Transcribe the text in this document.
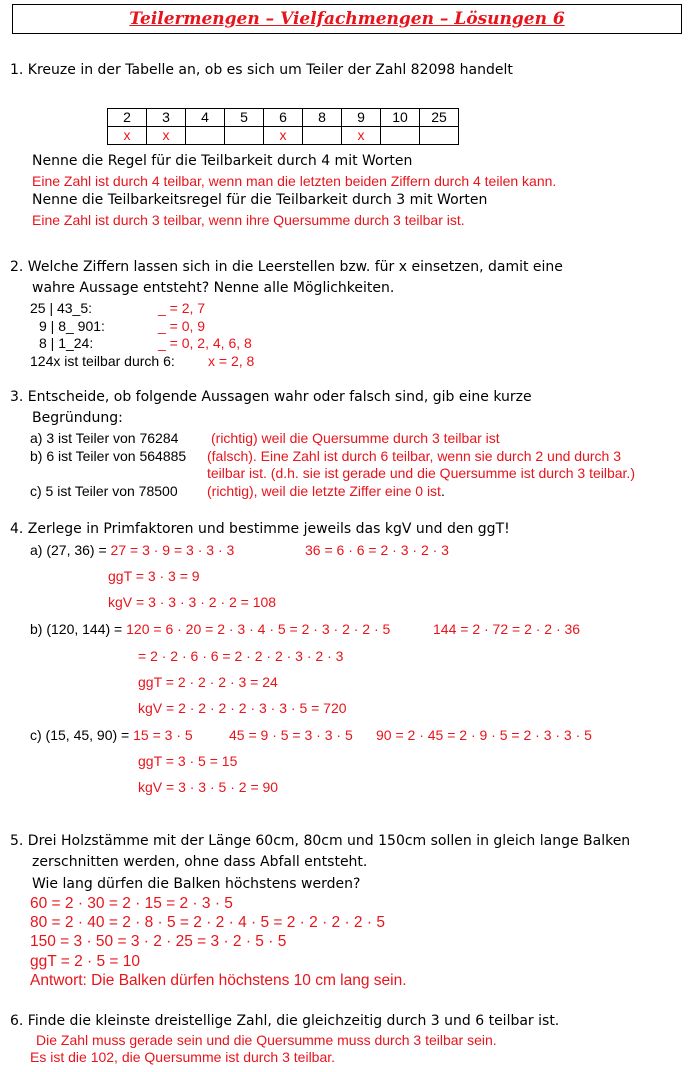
Teilermengen – Vielfachmengen – Lösungen 6
1. Kreuze in der Tabelle an, ob es sich um Teiler der Zahl 82098 handelt
2	3	4	5	6	8	9	10	25
x	x			x		x		
Nenne die Regel für die Teilbarkeit durch 4 mit Worten
Eine Zahl ist durch 4 teilbar, wenn man die letzten beiden Ziffern durch 4 teilen kann.
Nenne die Teilbarkeitsregel für die Teilbarkeit durch 3 mit Worten
Eine Zahl ist durch 3 teilbar, wenn ihre Quersumme durch 3 teilbar ist.
2. Welche Ziffern lassen sich in die Leerstellen bzw. für x einsetzen, damit eine
wahre Aussage entsteht? Nenne alle Möglichkeiten.
25 | 43_5:	_ = 2, 7
9 | 8_ 901:	_ = 0, 9
8 | 1_24:	_ = 0, 2, 4, 6, 8
124x ist teilbar durch 6: x = 2, 8
3. Entscheide, ob folgende Aussagen wahr oder falsch sind, gib eine kurze
Begründung:
a) 3 ist Teiler von 76284 (richtig) weil die Quersumme durch 3 teilbar ist
b) 6 ist Teiler von 564885 (falsch). Eine Zahl ist durch 6 teilbar, wenn sie durch 2 und durch 3
teilbar ist. (d.h. sie ist gerade und die Quersumme ist durch 3 teilbar.)
c) 5 ist Teiler von 78500 (richtig), weil die letzte Ziffer eine 0 ist.
4. Zerlege in Primfaktoren und bestimme jeweils das kgV und den ggT!
a) (27, 36) = 27 = 3 · 9 = 3 · 3 · 3	36 = 6 · 6 = 2 · 3 · 2 · 3
ggT = 3 · 3 = 9
kgV = 3 · 3 · 3 · 2 · 2 = 108
b) (120, 144) = 120 = 6 · 20 = 2 · 3 · 4 · 5 = 2 · 3 · 2 · 2 · 5	144 = 2 · 72 = 2 · 2 · 36
= 2 · 2 · 6 · 6 = 2 · 2 · 2 · 3 · 2 · 3
ggT = 2 · 2 · 2 · 3 = 24
kgV = 2 · 2 · 2 · 2 · 3 · 3 · 5 = 720
c) (15, 45, 90) = 15 = 3 · 5	45 = 9 · 5 = 3 · 3 · 5 90 = 2 · 45 = 2 · 9 · 5 = 2 · 3 · 3 · 5
ggT = 3 · 5 = 15
kgV = 3 · 3 · 5 · 2 = 90
5. Drei Holzstämme mit der Länge 60cm, 80cm und 150cm sollen in gleich lange Balken
zerschnitten werden, ohne dass Abfall entsteht.
Wie lang dürfen die Balken höchstens werden?
60 = 2 · 30 = 2 · 15 = 2 · 3 · 5
80 = 2 · 40 = 2 · 8 · 5 = 2 · 2 · 4 · 5 = 2 · 2 · 2 · 2 · 5
150 = 3 · 50 = 3 · 2 · 25 = 3 · 2 · 5 · 5
ggT = 2 · 5 = 10
Antwort: Die Balken dürfen höchstens 10 cm lang sein.
6. Finde die kleinste dreistellige Zahl, die gleichzeitig durch 3 und 6 teilbar ist.
Die Zahl muss gerade sein und die Quersumme muss durch 3 teilbar sein.
Es ist die 102, die Quersumme ist durch 3 teilbar.
